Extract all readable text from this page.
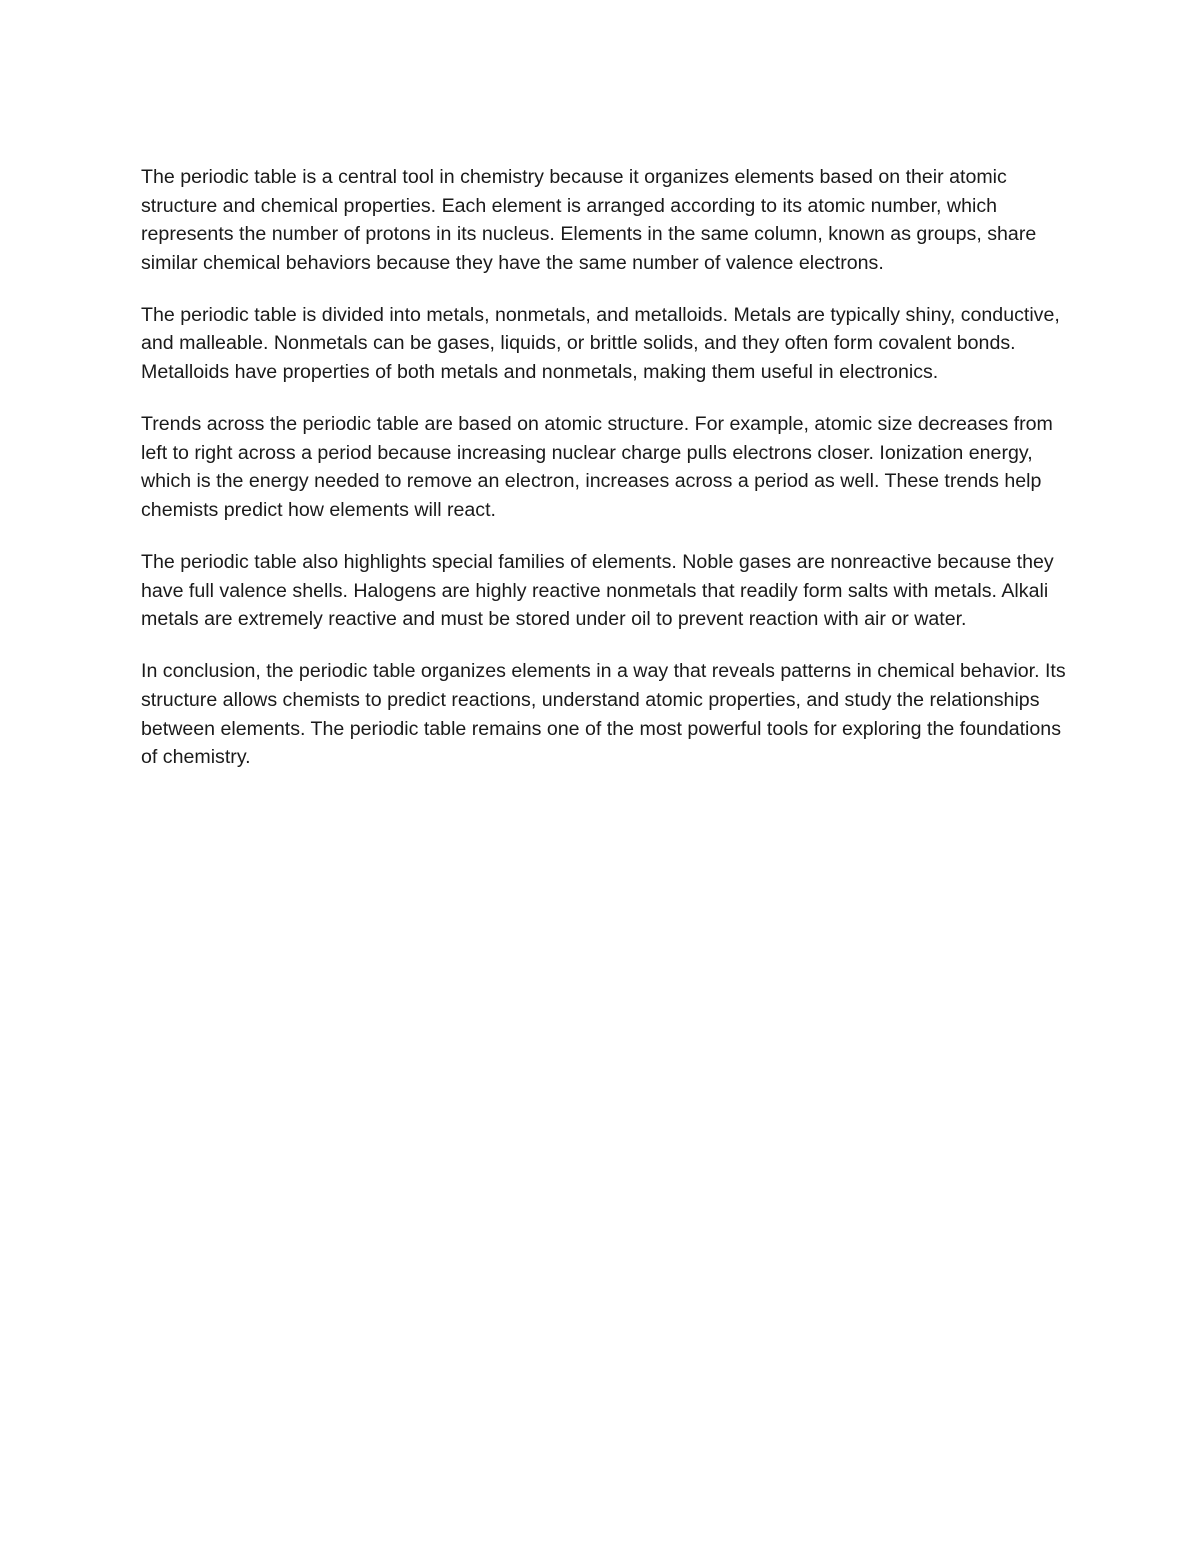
The periodic table is a central tool in chemistry because it organizes elements based on their atomic structure and chemical properties. Each element is arranged according to its atomic number, which represents the number of protons in its nucleus. Elements in the same column, known as groups, share similar chemical behaviors because they have the same number of valence electrons.

The periodic table is divided into metals, nonmetals, and metalloids. Metals are typically shiny, conductive, and malleable. Nonmetals can be gases, liquids, or brittle solids, and they often form covalent bonds. Metalloids have properties of both metals and nonmetals, making them useful in electronics.

Trends across the periodic table are based on atomic structure. For example, atomic size decreases from left to right across a period because increasing nuclear charge pulls electrons closer. Ionization energy, which is the energy needed to remove an electron, increases across a period as well. These trends help chemists predict how elements will react.

The periodic table also highlights special families of elements. Noble gases are nonreactive because they have full valence shells. Halogens are highly reactive nonmetals that readily form salts with metals. Alkali metals are extremely reactive and must be stored under oil to prevent reaction with air or water.

In conclusion, the periodic table organizes elements in a way that reveals patterns in chemical behavior. Its structure allows chemists to predict reactions, understand atomic properties, and study the relationships between elements. The periodic table remains one of the most powerful tools for exploring the foundations of chemistry.
